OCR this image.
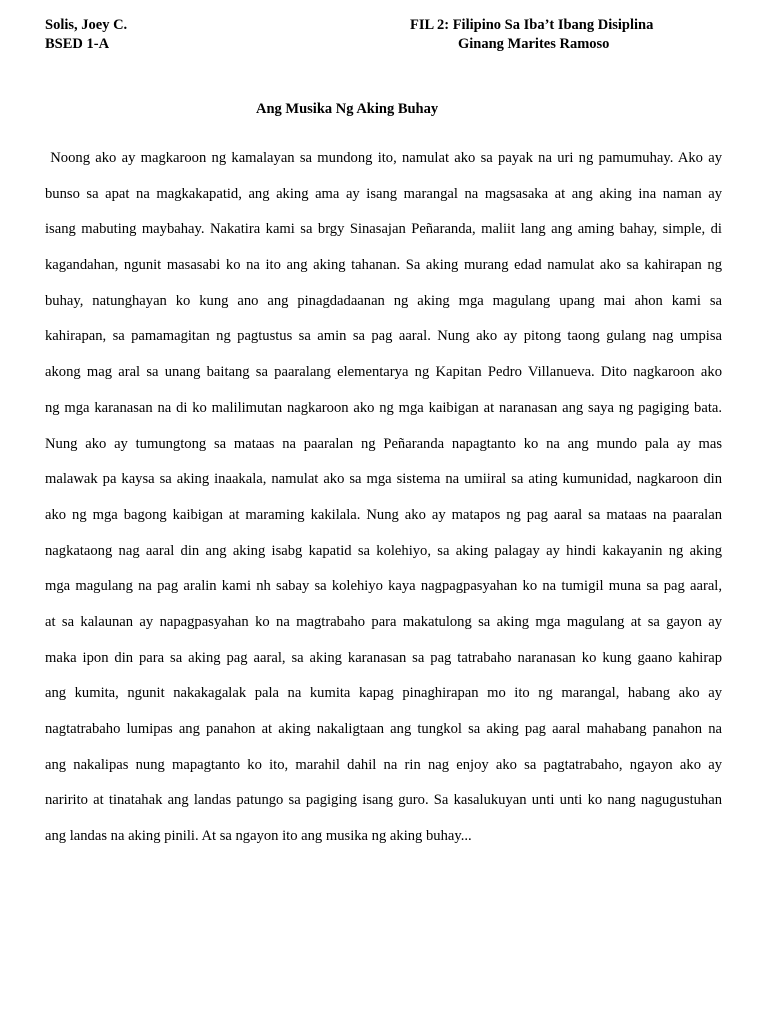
Solis, Joey C.
BSED 1-A
FIL 2: Filipino Sa Iba’t Ibang Disiplina
Ginang Marites Ramoso
Ang Musika Ng Aking Buhay
Noong ako ay magkaroon ng kamalayan sa mundong ito, namulat ako sa payak na uri ng pamumuhay. Ako ay
bunso sa apat na magkakapatid, ang aking ama ay isang marangal na magsasaka at ang aking ina naman ay
isang mabuting maybahay. Nakatira kami sa brgy Sinasajan Peñaranda, maliit lang ang aming bahay, simple, di
kagandahan, ngunit masasabi ko na ito ang aking tahanan. Sa aking murang edad namulat ako sa kahirapan ng
buhay, natunghayan ko kung ano ang pinagdadaanan ng aking mga magulang upang mai ahon kami sa
kahirapan, sa pamamagitan ng pagtustus sa amin sa pag aaral. Nung ako ay pitong taong gulang nag umpisa
akong mag aral sa unang baitang sa paaralang elementarya ng Kapitan Pedro Villanueva. Dito nagkaroon ako
ng mga karanasan na di ko malilimutan nagkaroon ako ng mga kaibigan at naranasan ang saya ng pagiging bata.
Nung ako ay tumungtong sa mataas na paaralan ng Peñaranda napagtanto ko na ang mundo pala ay mas
malawak pa kaysa sa aking inaakala, namulat ako sa mga sistema na umiiral sa ating kumunidad, nagkaroon din
ako ng mga bagong kaibigan at maraming kakilala. Nung ako ay matapos ng pag aaral sa mataas na paaralan
nagkataong nag aaral din ang aking isabg kapatid sa kolehiyo, sa aking palagay ay hindi kakayanin ng aking
mga magulang na pag aralin kami nh sabay sa kolehiyo kaya nagpagpasyahan ko na tumigil muna sa pag aaral,
at sa kalaunan ay napagpasyahan ko na magtrabaho para makatulong sa aking mga magulang at sa gayon ay
maka ipon din para sa aking pag aaral, sa aking karanasan sa pag tatrabaho naranasan ko kung gaano kahirap
ang kumita, ngunit nakakagalak pala na kumita kapag pinaghirapan mo ito ng marangal, habang ako ay
nagtatrabaho lumipas ang panahon at aking nakaligtaan ang tungkol sa aking pag aaral mahabang panahon na
ang nakalipas nung mapagtanto ko ito, marahil dahil na rin nag enjoy ako sa pagtatrabaho, ngayon ako ay
naririto at tinatahak ang landas patungo sa pagiging isang guro. Sa kasalukuyan unti unti ko nang nagugustuhan
ang landas na aking pinili. At sa ngayon ito ang musika ng aking buhay...
